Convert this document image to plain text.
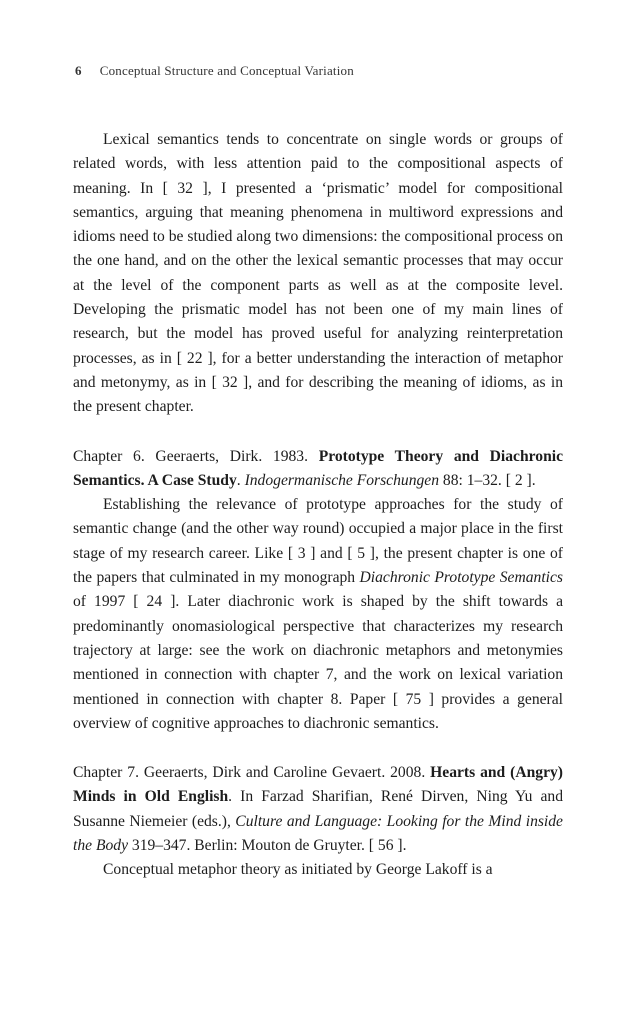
6 Conceptual Structure and Conceptual Variation

Lexical semantics tends to concentrate on single words or groups of related words, with less attention paid to the compositional aspects of meaning. In [ 32 ], I presented a ‘prismatic’ model for compositional semantics, arguing that meaning phenomena in multiword expressions and idioms need to be studied along two dimensions: the compositional process on the one hand, and on the other the lexical semantic processes that may occur at the level of the component parts as well as at the composite level. Developing the prismatic model has not been one of my main lines of research, but the model has proved useful for analyzing reinterpretation processes, as in [ 22 ], for a better understanding the interaction of metaphor and metonymy, as in [ 32 ], and for describing the meaning of idioms, as in the present chapter.

Chapter 6. Geeraerts, Dirk. 1983. Prototype Theory and Diachronic Semantics. A Case Study. Indogermanische Forschungen 88: 1–32. [ 2 ].

Establishing the relevance of prototype approaches for the study of semantic change (and the other way round) occupied a major place in the first stage of my research career. Like [ 3 ] and [ 5 ], the present chapter is one of the papers that culminated in my monograph Diachronic Prototype Semantics of 1997 [ 24 ]. Later diachronic work is shaped by the shift towards a predominantly onomasiological perspective that characterizes my research trajectory at large: see the work on diachronic metaphors and metonymies mentioned in connection with chapter 7, and the work on lexical variation mentioned in connection with chapter 8. Paper [ 75 ] provides a general overview of cognitive approaches to diachronic semantics.

Chapter 7. Geeraerts, Dirk and Caroline Gevaert. 2008. Hearts and (Angry) Minds in Old English. In Farzad Sharifian, René Dirven, Ning Yu and Susanne Niemeier (eds.), Culture and Language: Looking for the Mind inside the Body 319–347. Berlin: Mouton de Gruyter. [ 56 ].

Conceptual metaphor theory as initiated by George Lakoff is a
